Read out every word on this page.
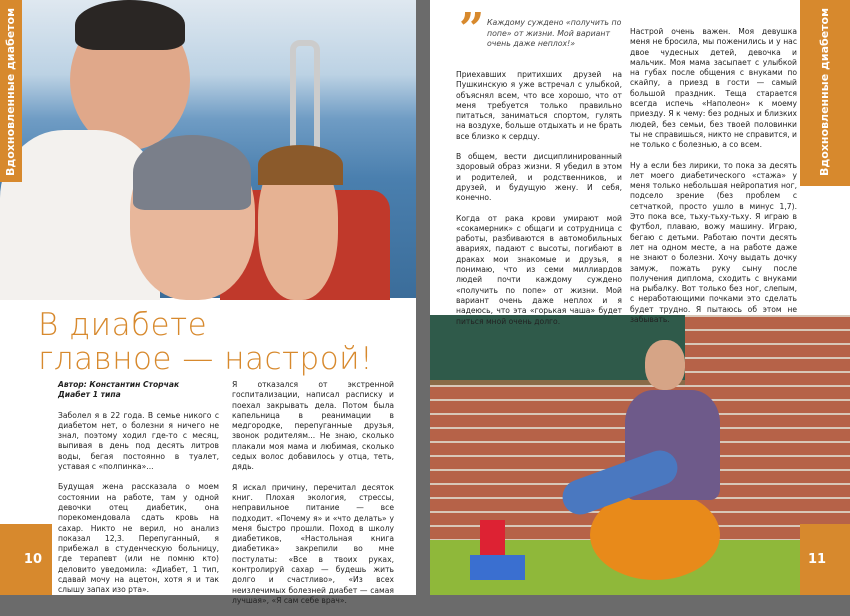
Вдохновленные диабетом
В диабете
главное — настрой!
Автор: Константин Сторчак
Диабет 1 типа

Заболел я в 22 года. В семье никого с диабетом нет, о болезни я ничего не знал, поэтому ходил где-то с месяц, выпивая в день под десять литров воды, бегая постоянно в туалет, уставая с «полпинка»...

Будущая жена рассказала о моем состоянии на работе, там у одной девочки отец диабетик, она порекомендовала сдать кровь на сахар. Никто не верил, но анализ показал 12,3. Перепуганный, я прибежал в студенческую больницу, где терапевт (или не помню кто) деловито уведомила: «Диабет, 1 тип, сдавай мочу на ацетон, хотя я и так слышу запах изо рта».

Я отказался от экстренной госпитализации, написал расписку и поехал закрывать дела. Потом была капельница в реанимации в медгородке, перепуганные друзья, звонок родителям... Не знаю, сколько плакали моя мама и любимая, сколько седых волос добавилось у отца, теть, дядь.

Я искал причину, перечитал десяток книг. Плохая экология, стрессы, неправильное питание — все подходит. «Почему я» и «что делать» у меня быстро прошли. Поход в школу диабетиков, «Настольная книга диабетика» закрепили во мне постулаты: «Все в твоих руках, контролируй сахар — будешь жить долго и счастливо», «Из всех неизлечимых болезней диабет — самая лучшая», «Я сам себе врач».

10
” Каждому суждено «получить по попе» от жизни. Мой вариант очень даже неплох!»

Приехавших притихших друзей на Пушкинскую я уже встречал с улыбкой, объяснял всем, что все хорошо, что от меня требуется только правильно питаться, заниматься спортом, гулять на воздухе, больше отдыхать и не брать все близко к сердцу.

В общем, вести дисциплинированный здоровый образ жизни. Я убедил в этом и родителей, и родственников, и друзей, и будущую жену. И себя, конечно.

Когда от рака крови умирают мой «сокамерник» с общаги и сотрудница с работы, разбиваются в автомобильных авариях, падают с высоты, погибают в драках мои знакомые и друзья, я понимаю, что из семи миллиардов людей почти каждому суждено «получить по попе» от жизни. Мой вариант очень даже неплох и я надеюсь, что эта «горькая чаша» будет питься мной очень долго.

Настрой очень важен. Моя девушка меня не бросила, мы поженились и у нас двое чудесных детей, девочка и мальчик. Моя мама засыпает с улыбкой на губах после общения с внуками по скайпу, а приезд в гости — самый большой праздник. Теща старается всегда испечь «Наполеон» к моему приезду. Я к чему: без родных и близких людей, без семьи, без твоей половинки ты не справишься, никто не справится, и не только с болезнью, а со всем.

Ну а если без лирики, то пока за десять лет моего диабетического «стажа» у меня только небольшая нейропатия ног, подсело зрение (без проблем с сетчаткой, просто ушло в минус 1,7). Это пока все, тьху-тьху-тьху. Я играю в футбол, плаваю, вожу машину. Играю, бегаю с детьми. Работаю почти десять лет на одном месте, а на работе даже не знают о болезни. Хочу выдать дочку замуж, пожать руку сыну после получения диплома, сходить с внуками на рыбалку. Вот только без ног, слепым, с неработающими почками это сделать будет трудно. Я пытаюсь об этом не забывать.

Вдохновленные диабетом
11
